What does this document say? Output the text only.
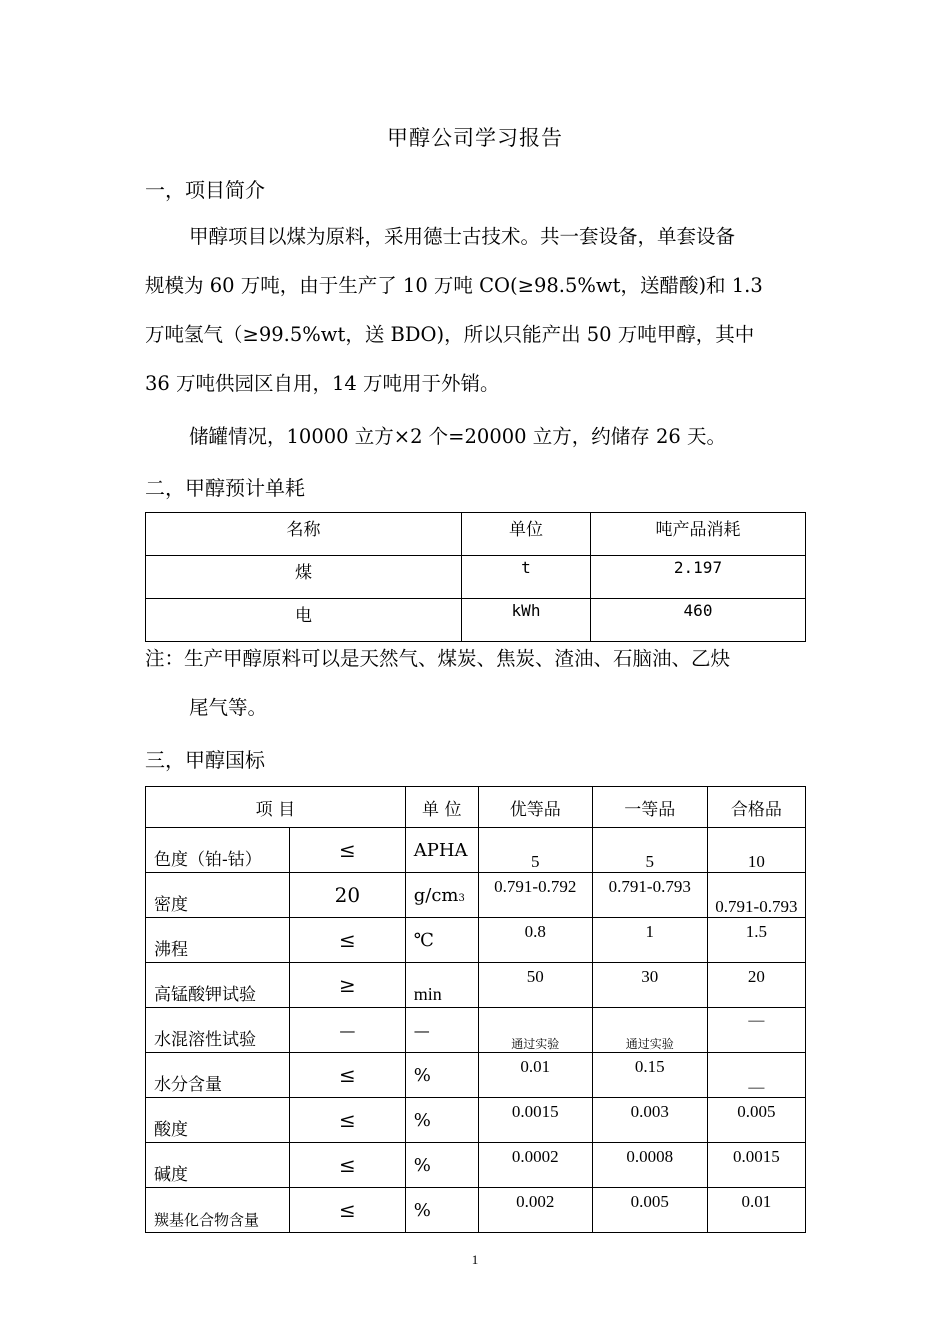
甲醇公司学习报告
一，项目简介
甲醇项目以煤为原料，采用德士古技术。共一套设备，单套设备
规模为 60 万吨，由于生产了 10 万吨 CO(≥98.5%wt，送醋酸)和 1.3
万吨氢气（≥99.5%wt，送 BDO)，所以只能产出 50 万吨甲醇，其中
36 万吨供园区自用，14 万吨用于外销。
储罐情况，10000 立方×2 个=20000 立方，约储存 26 天。
二，甲醇预计单耗
名称	单位	吨产品消耗
煤	t	2.197
电	kWh	460
注：生产甲醇原料可以是天然气、煤炭、焦炭、渣油、石脑油、乙炔
尾气等。
三，甲醇国标
项 目		单 位	优等品	一等品	合格品
色度（铂-钴）	≤	APHA	5	5	10
密度	20	g/cm3	0.791-0.792	0.791-0.793	0.791-0.793
沸程	≤	℃	0.8	1	1.5
高锰酸钾试验	≥	min	50	30	20
水混溶性试验	—	—	通过实验	通过实验	—
水分含量	≤	%	0.01	0.15	—
酸度	≤	%	0.0015	0.003	0.005
碱度	≤	%	0.0002	0.0008	0.0015
羰基化合物含量	≤	%	0.002	0.005	0.01
1
